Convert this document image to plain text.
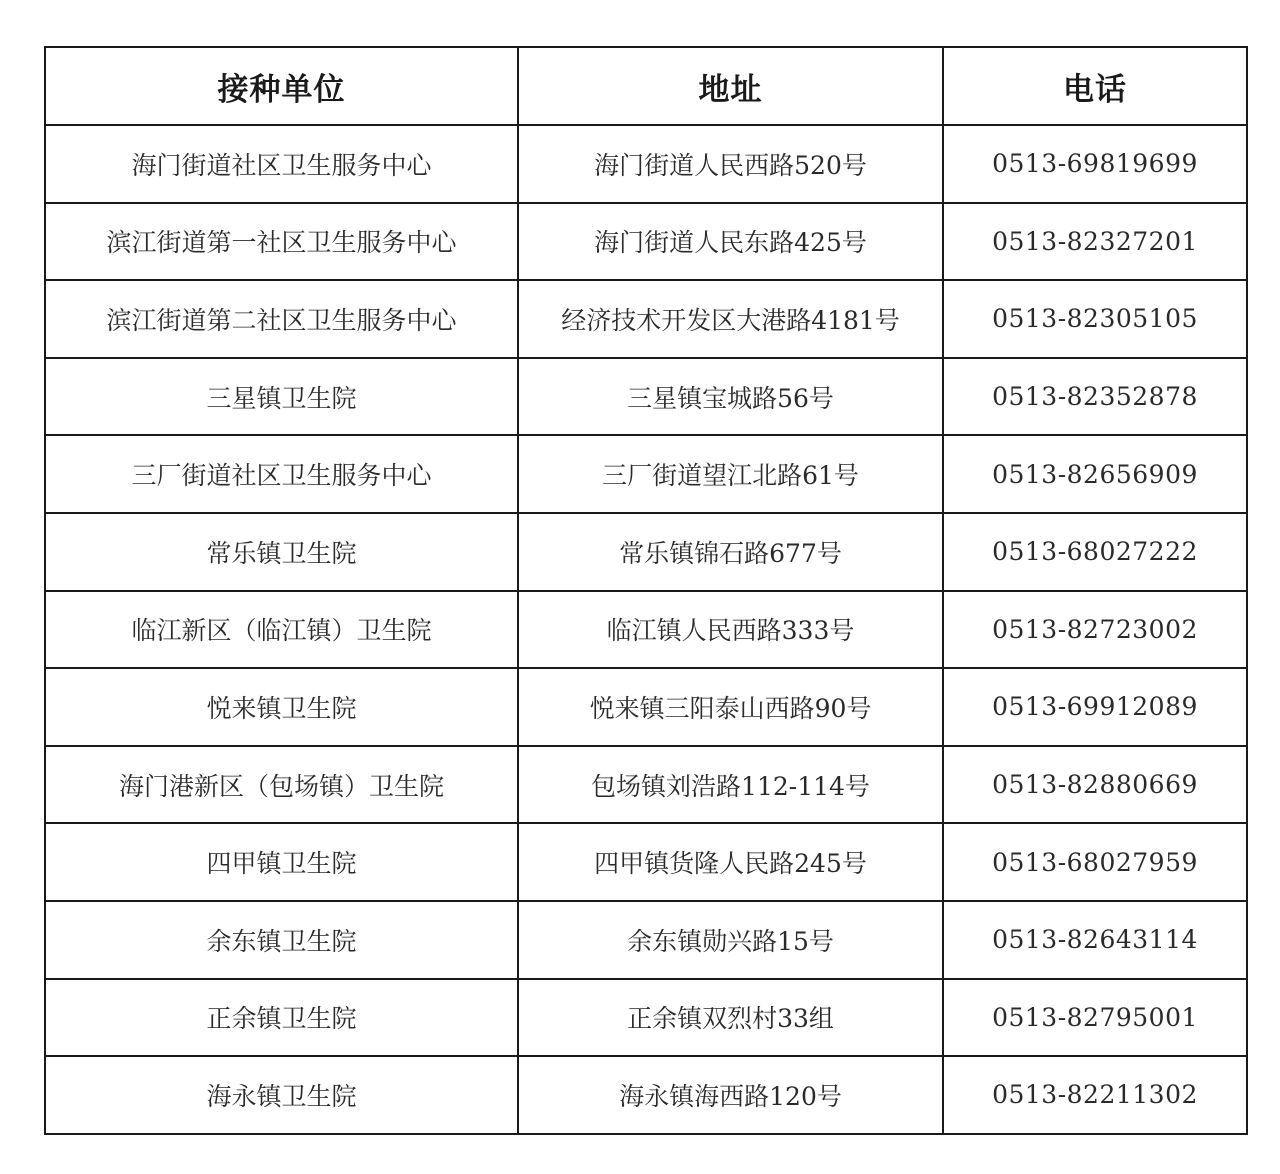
接种单位	地址	电话
海门街道社区卫生服务中心	海门街道人民西路520号	0513-69819699
滨江街道第一社区卫生服务中心	海门街道人民东路425号	0513-82327201
滨江街道第二社区卫生服务中心	经济技术开发区大港路4181号	0513-82305105
三星镇卫生院	三星镇宝城路56号	0513-82352878
三厂街道社区卫生服务中心	三厂街道望江北路61号	0513-82656909
常乐镇卫生院	常乐镇锦石路677号	0513-68027222
临江新区（临江镇）卫生院	临江镇人民西路333号	0513-82723002
悦来镇卫生院	悦来镇三阳泰山西路90号	0513-69912089
海门港新区（包场镇）卫生院	包场镇刘浩路112-114号	0513-82880669
四甲镇卫生院	四甲镇货隆人民路245号	0513-68027959
余东镇卫生院	余东镇勋兴路15号	0513-82643114
正余镇卫生院	正余镇双烈村33组	0513-82795001
海永镇卫生院	海永镇海西路120号	0513-82211302
